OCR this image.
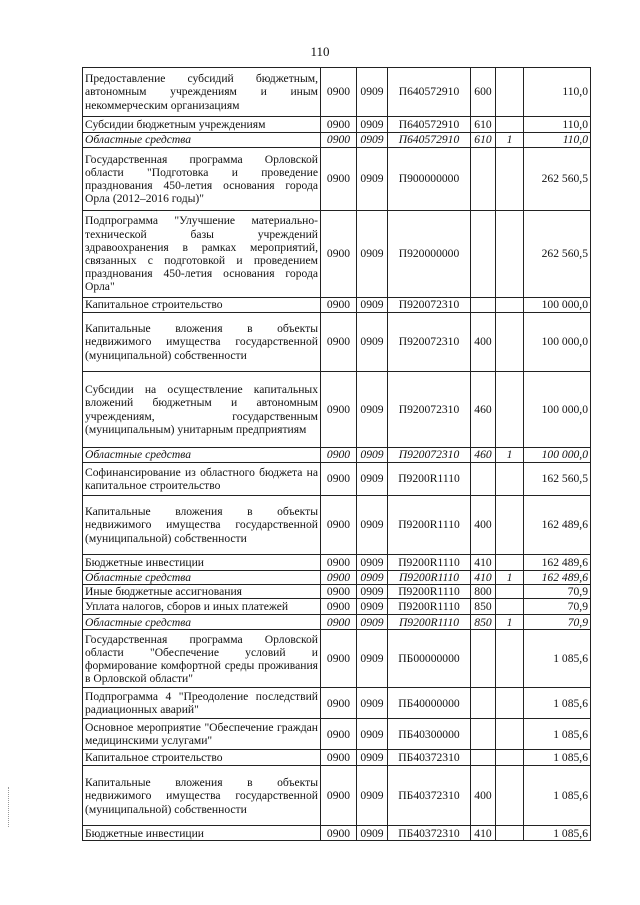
110
Предоставление субсидий бюджетным, автономным учреждениям и иным некоммерческим организациям	0900	0909	П640572910	600		110,0
Субсидии бюджетным учреждениям	0900	0909	П640572910	610		110,0
Областные средства	0900	0909	П640572910	610	1	110,0
Государственная программа Орловской области "Подготовка и проведение празднования 450-летия основания города Орла (2012–2016 годы)"	0900	0909	П900000000			262 560,5
Подпрограмма "Улучшение материально-технической базы учреждений здравоохранения в рамках мероприятий, связанных с подготовкой и проведением празднования 450-летия основания города Орла"	0900	0909	П920000000			262 560,5
Капитальное строительство	0900	0909	П920072310			100 000,0
Капитальные вложения в объекты недвижимого имущества государственной (муниципальной) собственности	0900	0909	П920072310	400		100 000,0
Субсидии на осуществление капитальных вложений бюджетным и автономным учреждениям, государственным (муниципальным) унитарным предприятиям	0900	0909	П920072310	460		100 000,0
Областные средства	0900	0909	П920072310	460	1	100 000,0
Софинансирование из областного бюджета на капитальное строительство	0900	0909	П9200R1110			162 560,5
Капитальные вложения в объекты недвижимого имущества государственной (муниципальной) собственности	0900	0909	П9200R1110	400		162 489,6
Бюджетные инвестиции	0900	0909	П9200R1110	410		162 489,6
Областные средства	0900	0909	П9200R1110	410	1	162 489,6
Иные бюджетные ассигнования	0900	0909	П9200R1110	800		70,9
Уплата налогов, сборов и иных платежей	0900	0909	П9200R1110	850		70,9
Областные средства	0900	0909	П9200R1110	850	1	70,9
Государственная программа Орловской области "Обеспечение условий и формирование комфортной среды проживания в Орловской области"	0900	0909	ПБ00000000			1 085,6
Подпрограмма 4 "Преодоление последствий радиационных аварий"	0900	0909	ПБ40000000			1 085,6
Основное мероприятие "Обеспечение граждан медицинскими услугами"	0900	0909	ПБ40300000			1 085,6
Капитальное строительство	0900	0909	ПБ40372310			1 085,6
Капитальные вложения в объекты недвижимого имущества государственной (муниципальной) собственности	0900	0909	ПБ40372310	400		1 085,6
Бюджетные инвестиции	0900	0909	ПБ40372310	410		1 085,6
